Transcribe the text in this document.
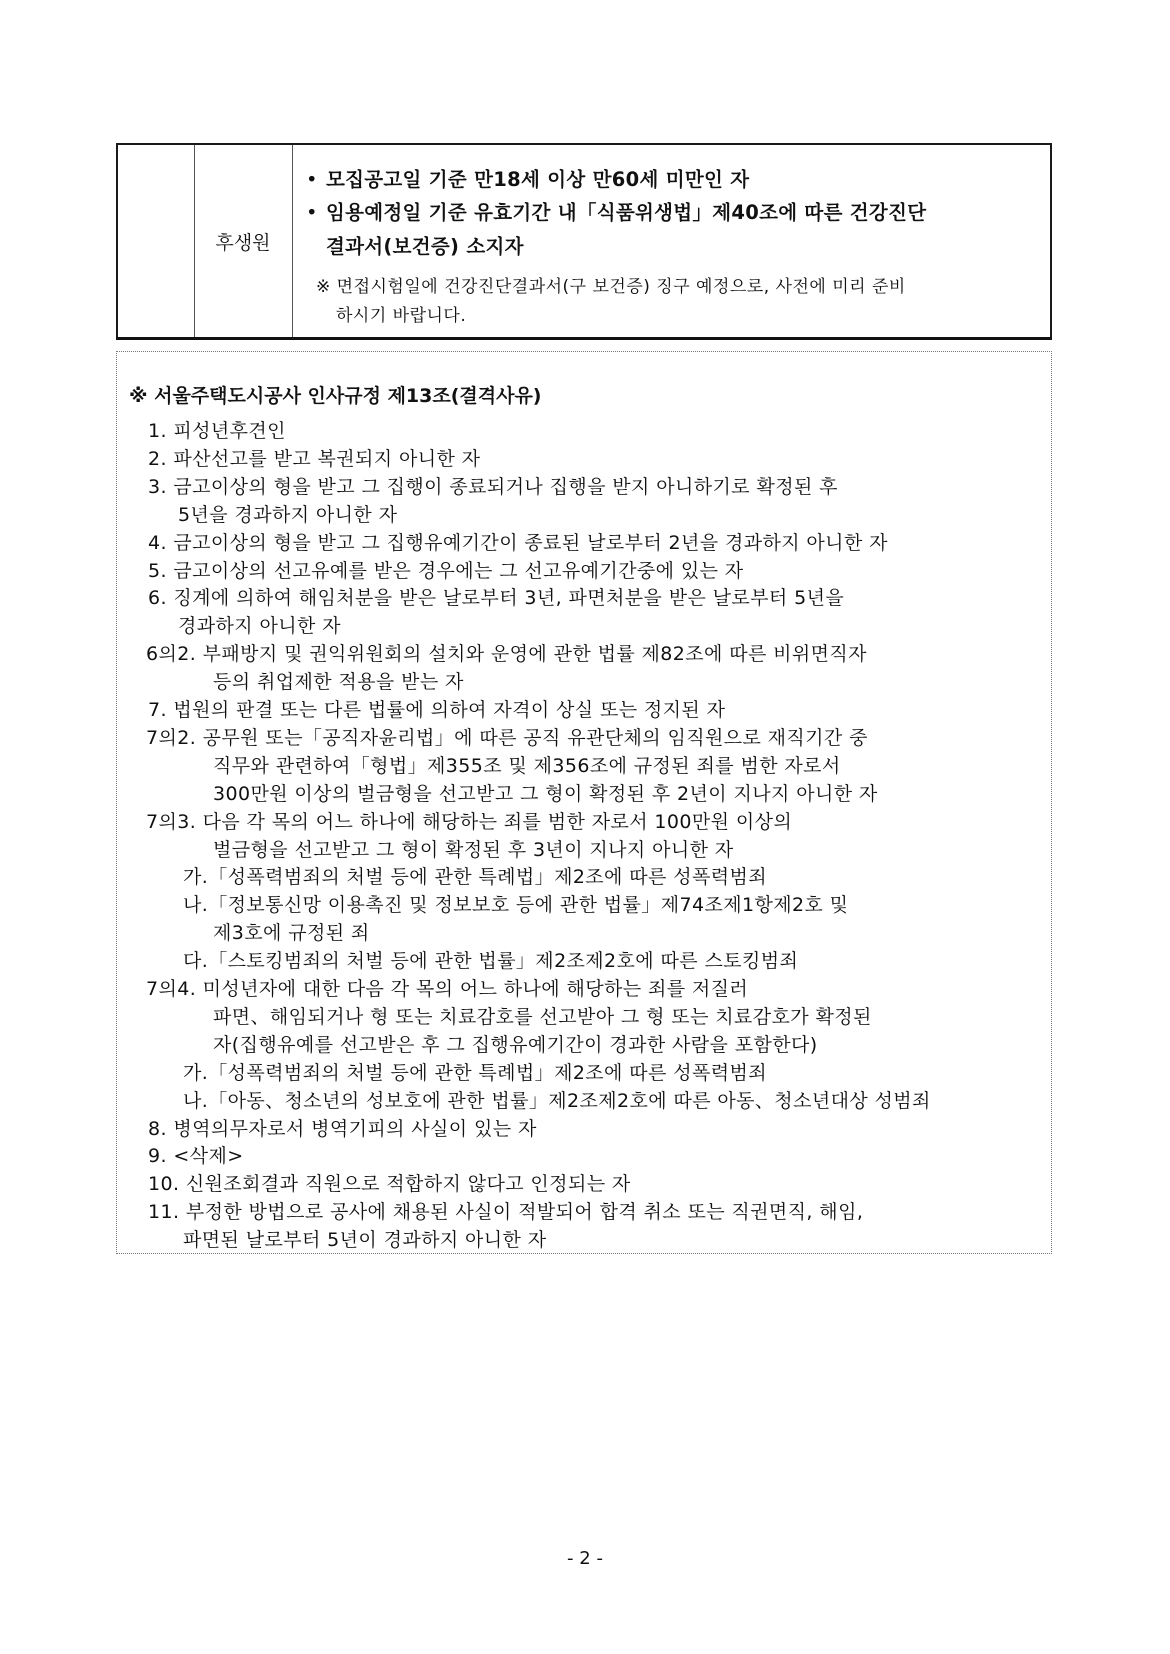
후생원
• 모집공고일 기준 만18세 이상 만60세 미만인 자
• 임용예정일 기준 유효기간 내「식품위생법」제40조에 따른 건강진단
결과서(보건증) 소지자
※ 면접시험일에 건강진단결과서(구 보건증) 징구 예정으로, 사전에 미리 준비
하시기 바랍니다.
※ 서울주택도시공사 인사규정 제13조(결격사유)
1. 피성년후견인
2. 파산선고를 받고 복권되지 아니한 자
3. 금고이상의 형을 받고 그 집행이 종료되거나 집행을 받지 아니하기로 확정된 후
5년을 경과하지 아니한 자
4. 금고이상의 형을 받고 그 집행유예기간이 종료된 날로부터 2년을 경과하지 아니한 자
5. 금고이상의 선고유예를 받은 경우에는 그 선고유예기간중에 있는 자
6. 징계에 의하여 해임처분을 받은 날로부터 3년, 파면처분을 받은 날로부터 5년을
경과하지 아니한 자
6의2. 부패방지 및 권익위원회의 설치와 운영에 관한 법률 제82조에 따른 비위면직자
등의 취업제한 적용을 받는 자
7. 법원의 판결 또는 다른 법률에 의하여 자격이 상실 또는 정지된 자
7의2. 공무원 또는「공직자윤리법」에 따른 공직 유관단체의 임직원으로 재직기간 중
직무와 관련하여「형법」제355조 및 제356조에 규정된 죄를 범한 자로서
300만원 이상의 벌금형을 선고받고 그 형이 확정된 후 2년이 지나지 아니한 자
7의3. 다음 각 목의 어느 하나에 해당하는 죄를 범한 자로서 100만원 이상의
벌금형을 선고받고 그 형이 확정된 후 3년이 지나지 아니한 자
가.「성폭력범죄의 처벌 등에 관한 특례법」제2조에 따른 성폭력범죄
나.「정보통신망 이용촉진 및 정보보호 등에 관한 법률」제74조제1항제2호 및
제3호에 규정된 죄
다.「스토킹범죄의 처벌 등에 관한 법률」제2조제2호에 따른 스토킹범죄
7의4. 미성년자에 대한 다음 각 목의 어느 하나에 해당하는 죄를 저질러
파면、해임되거나 형 또는 치료감호를 선고받아 그 형 또는 치료감호가 확정된
자(집행유예를 선고받은 후 그 집행유예기간이 경과한 사람을 포함한다)
가.「성폭력범죄의 처벌 등에 관한 특례법」제2조에 따른 성폭력범죄
나.「아동、청소년의 성보호에 관한 법률」제2조제2호에 따른 아동、청소년대상 성범죄
8. 병역의무자로서 병역기피의 사실이 있는 자
9. <삭제>
10. 신원조회결과 직원으로 적합하지 않다고 인정되는 자
11. 부정한 방법으로 공사에 채용된 사실이 적발되어 합격 취소 또는 직권면직, 해임,
파면된 날로부터 5년이 경과하지 아니한 자
- 2 -
